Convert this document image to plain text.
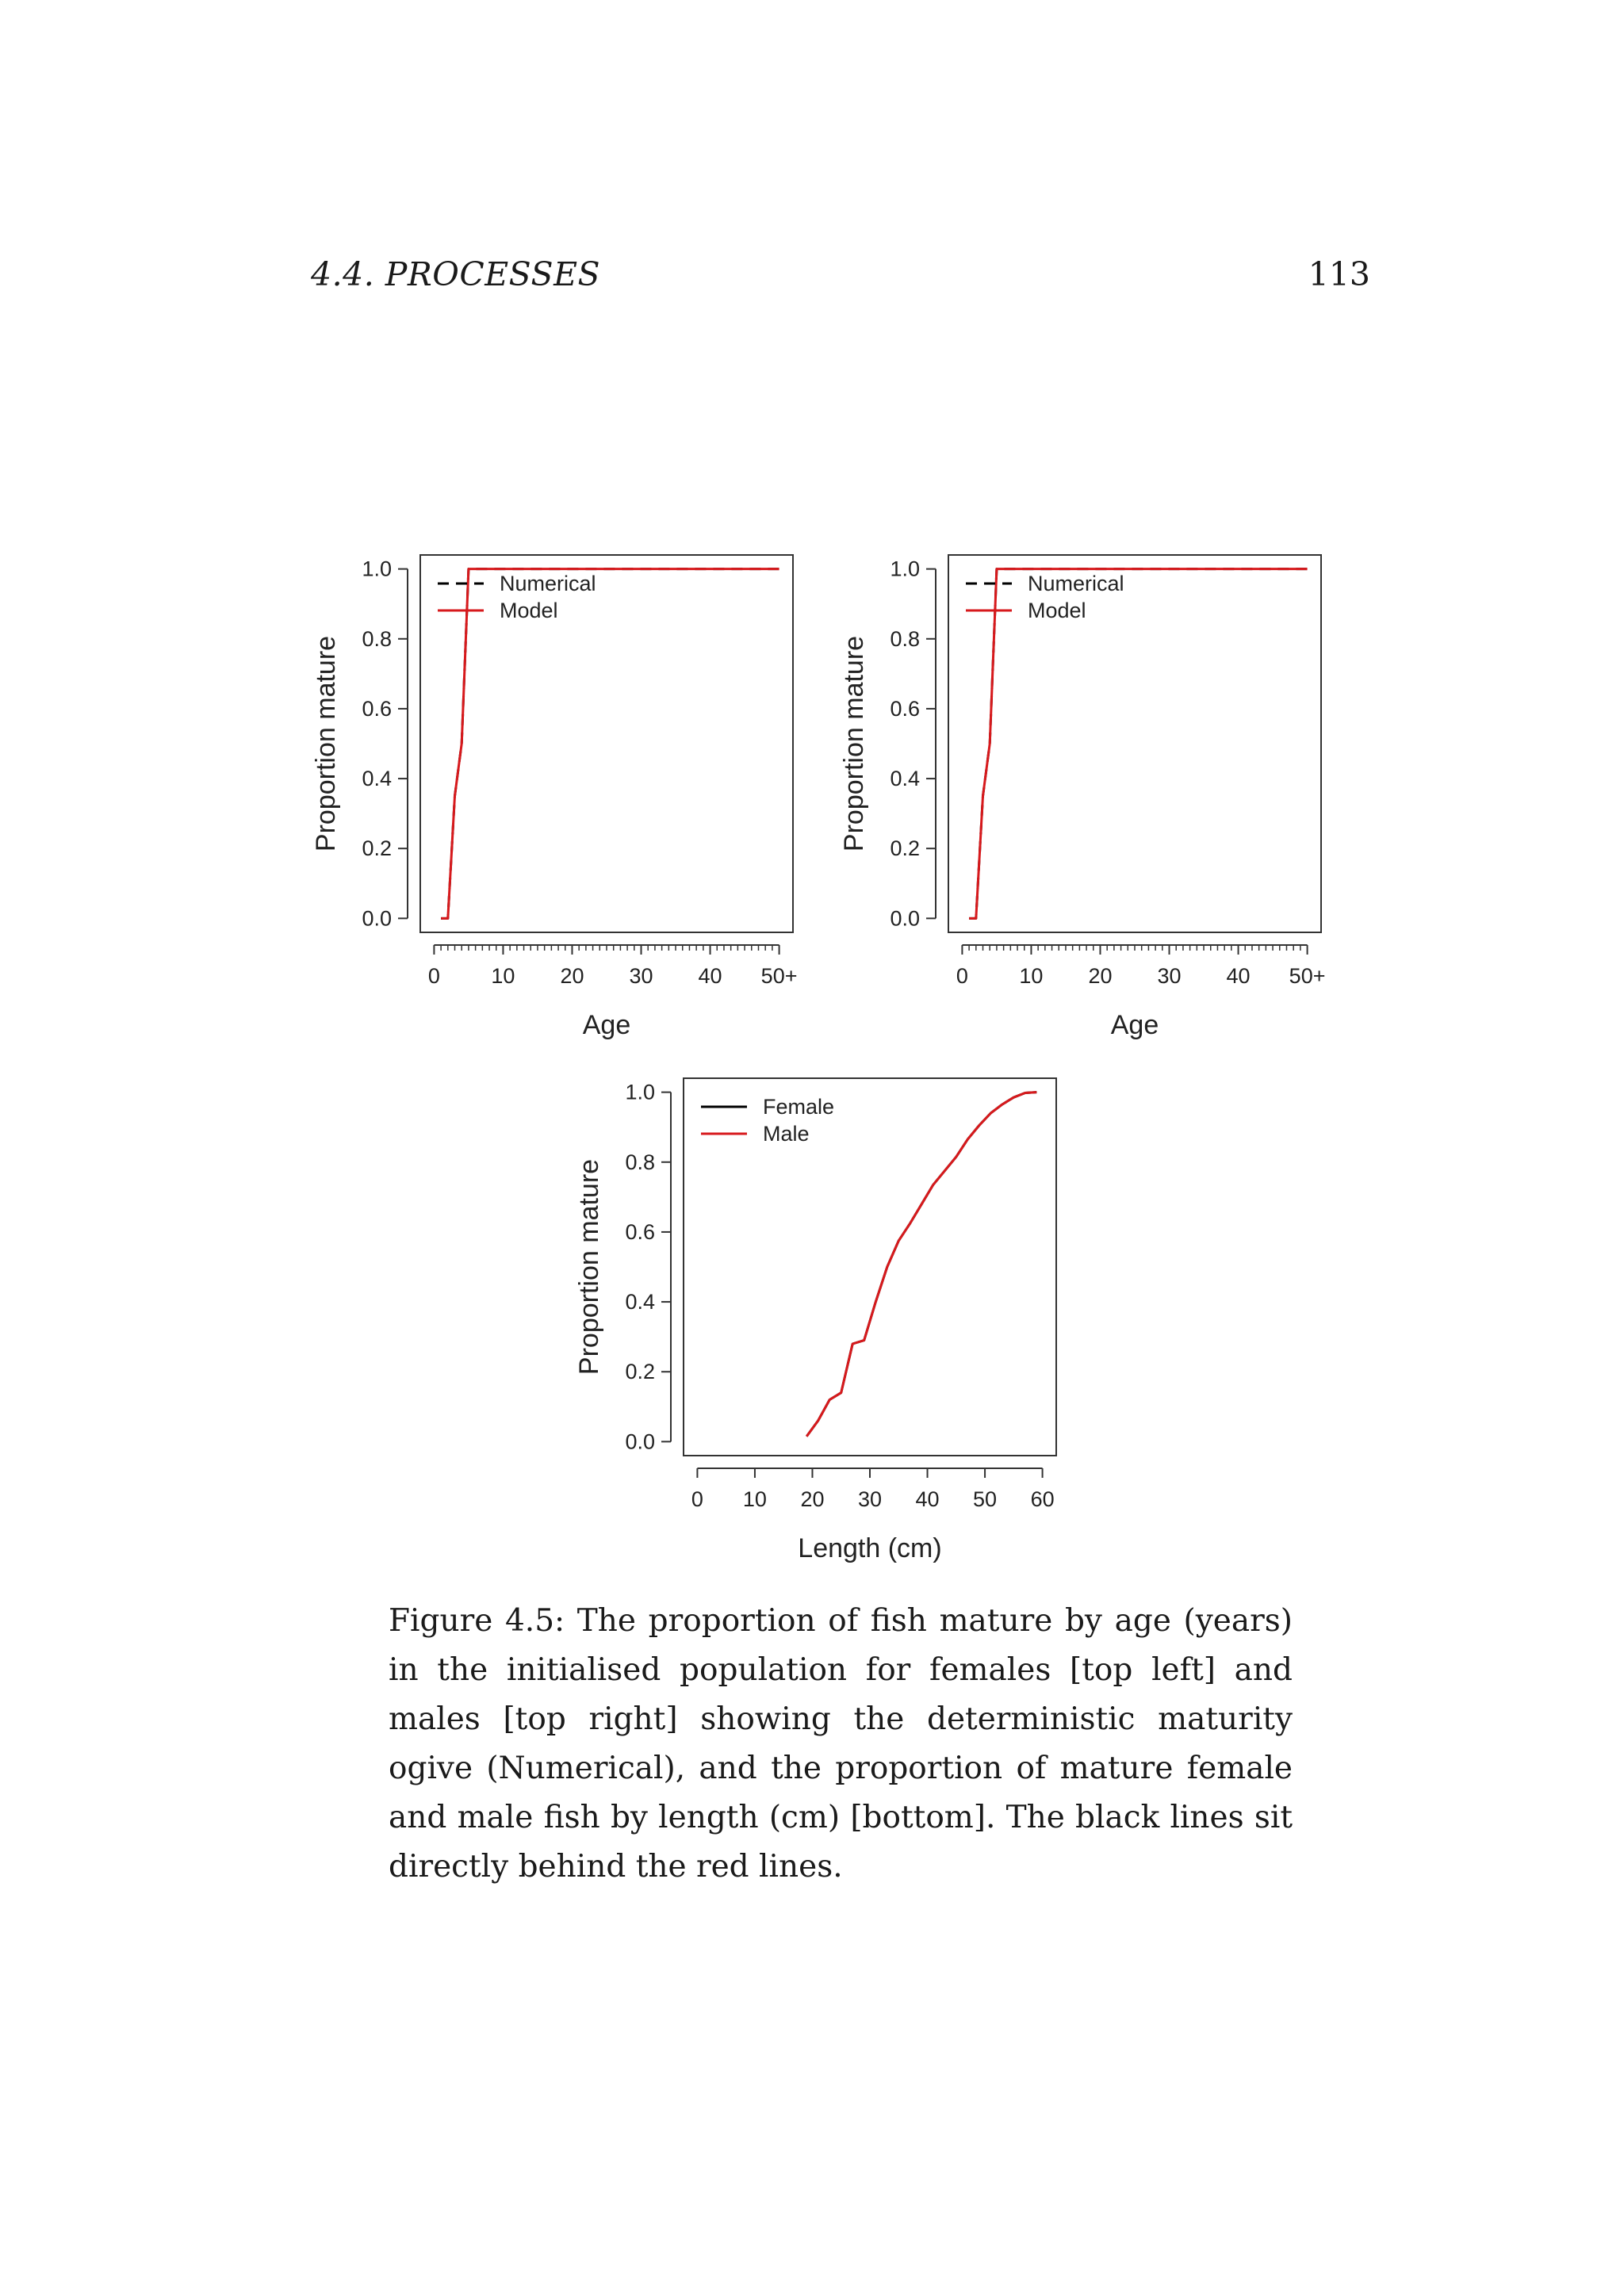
4.4. PROCESSES	113
0.0
0.2
0.4
0.6
0.8
1.0
0 10 20 30 40 50+
Age
Proportion mature
Numerical
Model
0.0
0.2
0.4
0.6
0.8
1.0
0 10 20 30 40 50+
Age
Proportion mature
Numerical
Model
0.0
0.2
0.4
0.6
0.8
1.0
0 10 20 30 40 50 60
Length (cm)
Proportion mature
Female
Male
Figure 4.5: The proportion of fish mature by age (years) in the initialised population for females [top left] and males [top right] showing the deterministic maturity ogive (Numerical), and the proportion of mature female and male fish by length (cm) [bottom]. The black lines sit directly behind the red lines.
